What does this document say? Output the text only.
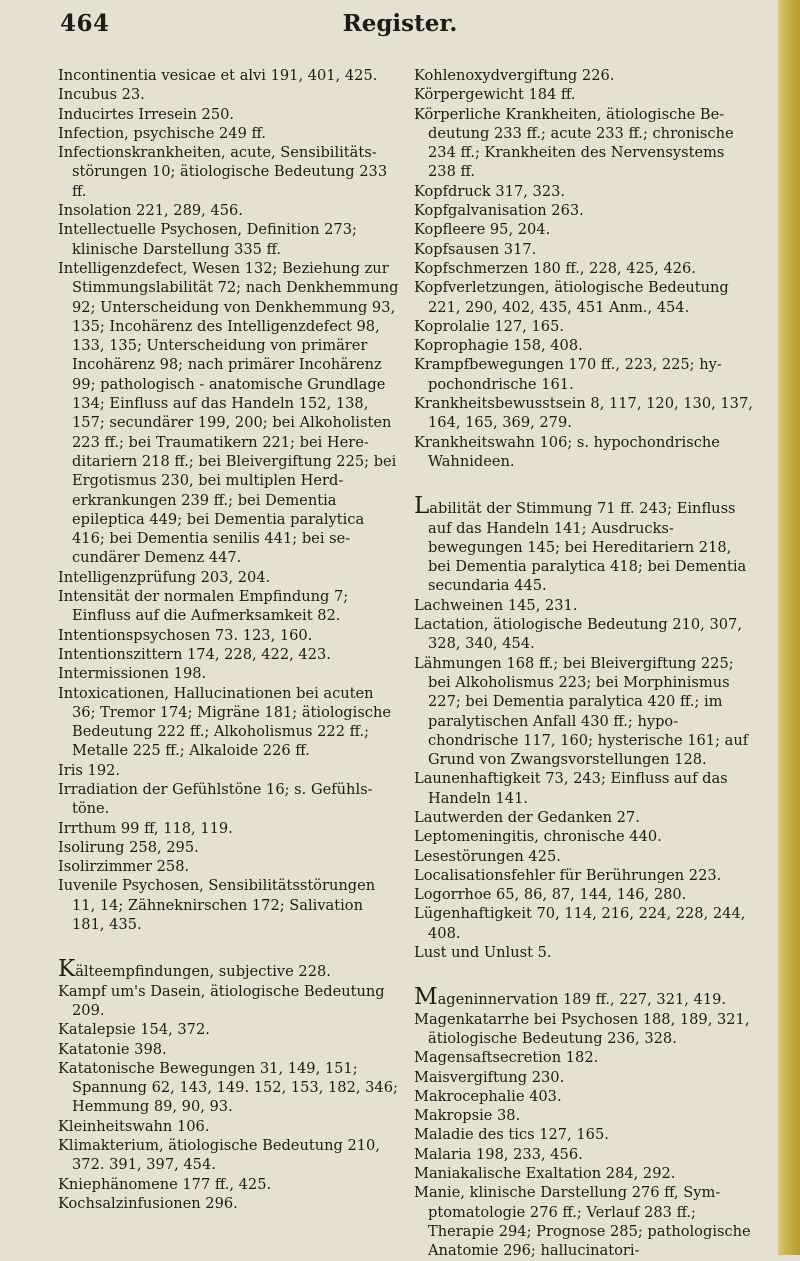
464	Register.

Incontinentia vesicae et alvi 191, 401, 425.

Incubus 23.

Inducirtes Irresein 250.

Infection, psychische 249 ff.

Infectionskrankheiten, acute, Sensibilitätsstörungen 10; ätiologische Bedeutung 233 ff.

Insolation 221, 289, 456.

Intellectuelle Psychosen, Definition 273; klinische Darstellung 335 ff.

Intelligenzdefect, Wesen 132; Beziehung zur Stimmungslabilität 72; nach Denkhemmung 92; Unterscheidung von Denkhemmung 93, 135; Incohärenz des Intelligenzdefect 98, 133, 135; Unterscheidung von primärer Incohärenz 98; nach primärer Incohärenz 99; pathologisch - anatomische Grundlage 134; Einfluss auf das Handeln 152, 138, 157; secundärer 199, 200; bei Alkoholisten 223 ff.; bei Traumatikern 221; bei Hereditariern 218 ff.; bei Bleivergiftung 225; bei Ergotismus 230, bei multiplen Herderkrankungen 239 ff.; bei Dementia epileptica 449; bei Dementia paralytica 416; bei Dementia senilis 441; bei secundärer Demenz 447.

Intelligenzprüfung 203, 204.

Intensität der normalen Empfindung 7; Einfluss auf die Aufmerksamkeit 82.

Intentionspsychosen 73. 123, 160.

Intentionszittern 174, 228, 422, 423.

Intermissionen 198.

Intoxicationen, Hallucinationen bei acuten 36; Tremor 174; Migräne 181; ätiologische Bedeutung 222 ff.; Alkoholismus 222 ff.; Metalle 225 ff.; Alkaloide 226 ff.

Iris 192.

Irradiation der Gefühlstöne 16; s. Gefühlstöne.

Irrthum 99 ff, 118, 119.

Isolirung 258, 295.

Isolirzimmer 258.

Iuvenile Psychosen, Sensibilitätsstörungen 11, 14; Zähneknirschen 172; Salivation 181, 435.

Kälteempfindungen, subjective 228.

Kampf um's Dasein, ätiologische Bedeutung 209.

Katalepsie 154, 372.

Katatonie 398.

Katatonische Bewegungen 31, 149, 151; Spannung 62, 143, 149. 152, 153, 182, 346; Hemmung 89, 90, 93.

Kleinheitswahn 106.

Klimakterium, ätiologische Bedeutung 210, 372. 391, 397, 454.

Kniephänomene 177 ff., 425.

Kochsalzinfusionen 296.

Kohlenoxydvergiftung 226.

Körpergewicht 184 ff.

Körperliche Krankheiten, ätiologische Bedeutung 233 ff.; acute 233 ff.; chronische 234 ff.; Krankheiten des Nervensystems 238 ff.

Kopfdruck 317, 323.

Kopfgalvanisation 263.

Kopfleere 95, 204.

Kopfsausen 317.

Kopfschmerzen 180 ff., 228, 425, 426.

Kopfverletzungen, ätiologische Bedeutung 221, 290, 402, 435, 451 Anm., 454.

Koprolalie 127, 165.

Koprophagie 158, 408.

Krampfbewegungen 170 ff., 223, 225; hypochondrische 161.

Krankheitsbewusstsein 8, 117, 120, 130, 137, 164, 165, 369, 279.

Krankheitswahn 106; s. hypochondrische Wahnideen.

Labilität der Stimmung 71 ff. 243; Einfluss auf das Handeln 141; Ausdrucksbewegungen 145; bei Hereditariern 218, bei Dementia paralytica 418; bei Dementia secundaria 445.

Lachweinen 145, 231.

Lactation, ätiologische Bedeutung 210, 307, 328, 340, 454.

Lähmungen 168 ff.; bei Bleivergiftung 225; bei Alkoholismus 223; bei Morphinismus 227; bei Dementia paralytica 420 ff.; im paralytischen Anfall 430 ff.; hypochondrische 117, 160; hysterische 161; auf Grund von Zwangsvorstellungen 128.

Launenhaftigkeit 73, 243; Einfluss auf das Handeln 141.

Lautwerden der Gedanken 27.

Leptomeningitis, chronische 440.

Lesestörungen 425.

Localisationsfehler für Berührungen 223.

Logorrhoe 65, 86, 87, 144, 146, 280.

Lügenhaftigkeit 70, 114, 216, 224, 228, 244, 408.

Lust und Unlust 5.

Mageninnervation 189 ff., 227, 321, 419.

Magenkatarrhe bei Psychosen 188, 189, 321, ätiologische Bedeutung 236, 328.

Magensaftsecretion 182.

Maisvergiftung 230.

Makrocephalie 403.

Makropsie 38.

Maladie des tics 127, 165.

Malaria 198, 233, 456.

Maniakalische Exaltation 284, 292.

Manie, klinische Darstellung 276 ff, Symptomatologie 276 ff.; Verlauf 283 ff.; Therapie 294; Prognose 285; pathologische Anatomie 296; hallucinatori-
